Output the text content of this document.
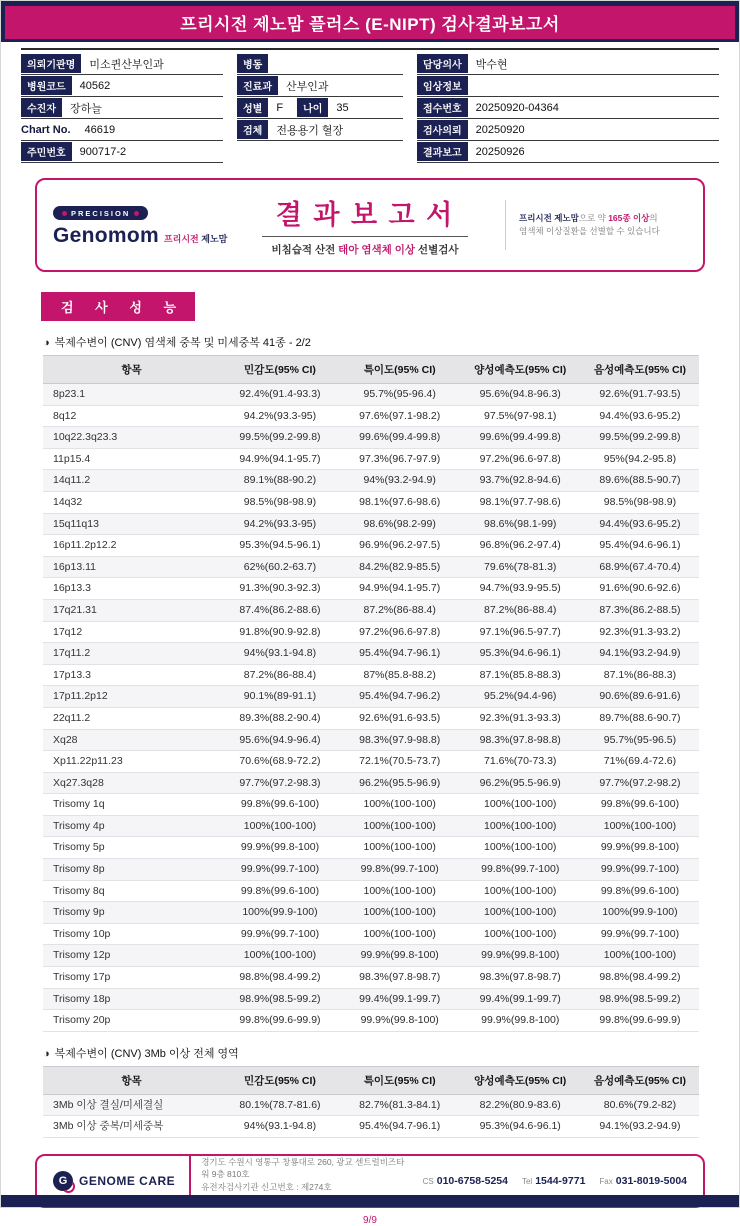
프리시전 제노맘 플러스 (E-NIPT) 검사결과보고서
의뢰기관명	미소퀸산부인과
병원코드	40562
수진자	장하늘
Chart No.	46619
주민번호	900717-2
병동
진료과	산부인과
성별	F	나이	35
검체	전용용기 혈장
담당의사	박수현
임상정보
접수번호	20250920-04364
검사의뢰	20250920
결과보고	20250926
PRECISION
Genomom 프리시전 제노맘
결 과 보 고 서
비침습적 산전 태아 염색체 이상 선별검사
프리시전 제노맘으로 약 165종 이상의
염색체 이상질환을 선별할 수 있습니다
검 사 성 능
◑ 복제수변이 (CNV) 염색체 중복 및 미세중복 41종 - 2/2
항목	민감도(95% CI)	특이도(95% CI)	양성예측도(95% CI)	음성예측도(95% CI)
8p23.1	92.4%(91.4-93.3)	95.7%(95-96.4)	95.6%(94.8-96.3)	92.6%(91.7-93.5)
8q12	94.2%(93.3-95)	97.6%(97.1-98.2)	97.5%(97-98.1)	94.4%(93.6-95.2)
10q22.3q23.3	99.5%(99.2-99.8)	99.6%(99.4-99.8)	99.6%(99.4-99.8)	99.5%(99.2-99.8)
11p15.4	94.9%(94.1-95.7)	97.3%(96.7-97.9)	97.2%(96.6-97.8)	95%(94.2-95.8)
14q11.2	89.1%(88-90.2)	94%(93.2-94.9)	93.7%(92.8-94.6)	89.6%(88.5-90.7)
14q32	98.5%(98-98.9)	98.1%(97.6-98.6)	98.1%(97.7-98.6)	98.5%(98-98.9)
15q11q13	94.2%(93.3-95)	98.6%(98.2-99)	98.6%(98.1-99)	94.4%(93.6-95.2)
16p11.2p12.2	95.3%(94.5-96.1)	96.9%(96.2-97.5)	96.8%(96.2-97.4)	95.4%(94.6-96.1)
16p13.11	62%(60.2-63.7)	84.2%(82.9-85.5)	79.6%(78-81.3)	68.9%(67.4-70.4)
16p13.3	91.3%(90.3-92.3)	94.9%(94.1-95.7)	94.7%(93.9-95.5)	91.6%(90.6-92.6)
17q21.31	87.4%(86.2-88.6)	87.2%(86-88.4)	87.2%(86-88.4)	87.3%(86.2-88.5)
17q12	91.8%(90.9-92.8)	97.2%(96.6-97.8)	97.1%(96.5-97.7)	92.3%(91.3-93.2)
17q11.2	94%(93.1-94.8)	95.4%(94.7-96.1)	95.3%(94.6-96.1)	94.1%(93.2-94.9)
17p13.3	87.2%(86-88.4)	87%(85.8-88.2)	87.1%(85.8-88.3)	87.1%(86-88.3)
17p11.2p12	90.1%(89-91.1)	95.4%(94.7-96.2)	95.2%(94.4-96)	90.6%(89.6-91.6)
22q11.2	89.3%(88.2-90.4)	92.6%(91.6-93.5)	92.3%(91.3-93.3)	89.7%(88.6-90.7)
Xq28	95.6%(94.9-96.4)	98.3%(97.9-98.8)	98.3%(97.8-98.8)	95.7%(95-96.5)
Xp11.22p11.23	70.6%(68.9-72.2)	72.1%(70.5-73.7)	71.6%(70-73.3)	71%(69.4-72.6)
Xq27.3q28	97.7%(97.2-98.3)	96.2%(95.5-96.9)	96.2%(95.5-96.9)	97.7%(97.2-98.2)
Trisomy 1q	99.8%(99.6-100)	100%(100-100)	100%(100-100)	99.8%(99.6-100)
Trisomy 4p	100%(100-100)	100%(100-100)	100%(100-100)	100%(100-100)
Trisomy 5p	99.9%(99.8-100)	100%(100-100)	100%(100-100)	99.9%(99.8-100)
Trisomy 8p	99.9%(99.7-100)	99.8%(99.7-100)	99.8%(99.7-100)	99.9%(99.7-100)
Trisomy 8q	99.8%(99.6-100)	100%(100-100)	100%(100-100)	99.8%(99.6-100)
Trisomy 9p	100%(99.9-100)	100%(100-100)	100%(100-100)	100%(99.9-100)
Trisomy 10p	99.9%(99.7-100)	100%(100-100)	100%(100-100)	99.9%(99.7-100)
Trisomy 12p	100%(100-100)	99.9%(99.8-100)	99.9%(99.8-100)	100%(100-100)
Trisomy 17p	98.8%(98.4-99.2)	98.3%(97.8-98.7)	98.3%(97.8-98.7)	98.8%(98.4-99.2)
Trisomy 18p	98.9%(98.5-99.2)	99.4%(99.1-99.7)	99.4%(99.1-99.7)	98.9%(98.5-99.2)
Trisomy 20p	99.8%(99.6-99.9)	99.9%(99.8-100)	99.9%(99.8-100)	99.8%(99.6-99.9)
◑ 복제수변이 (CNV) 3Mb 이상 전체 영역
항목	민감도(95% CI)	특이도(95% CI)	양성예측도(95% CI)	음성예측도(95% CI)
3Mb 이상 결실/미세결실	80.1%(78.7-81.6)	82.7%(81.3-84.1)	82.2%(80.9-83.6)	80.6%(79.2-82)
3Mb 이상 중복/미세중복	94%(93.1-94.8)	95.4%(94.7-96.1)	95.3%(94.6-96.1)	94.1%(93.2-94.9)
G GENOME CARE
경기도 수원시 영통구 창룡대로 260, 광교 센트럴비즈타워 9층 810호
유전자검사기관 신고번호 : 제274호
CS 010-6758-5254 Tel 1544-9771 Fax 031-8019-5004
9/9
